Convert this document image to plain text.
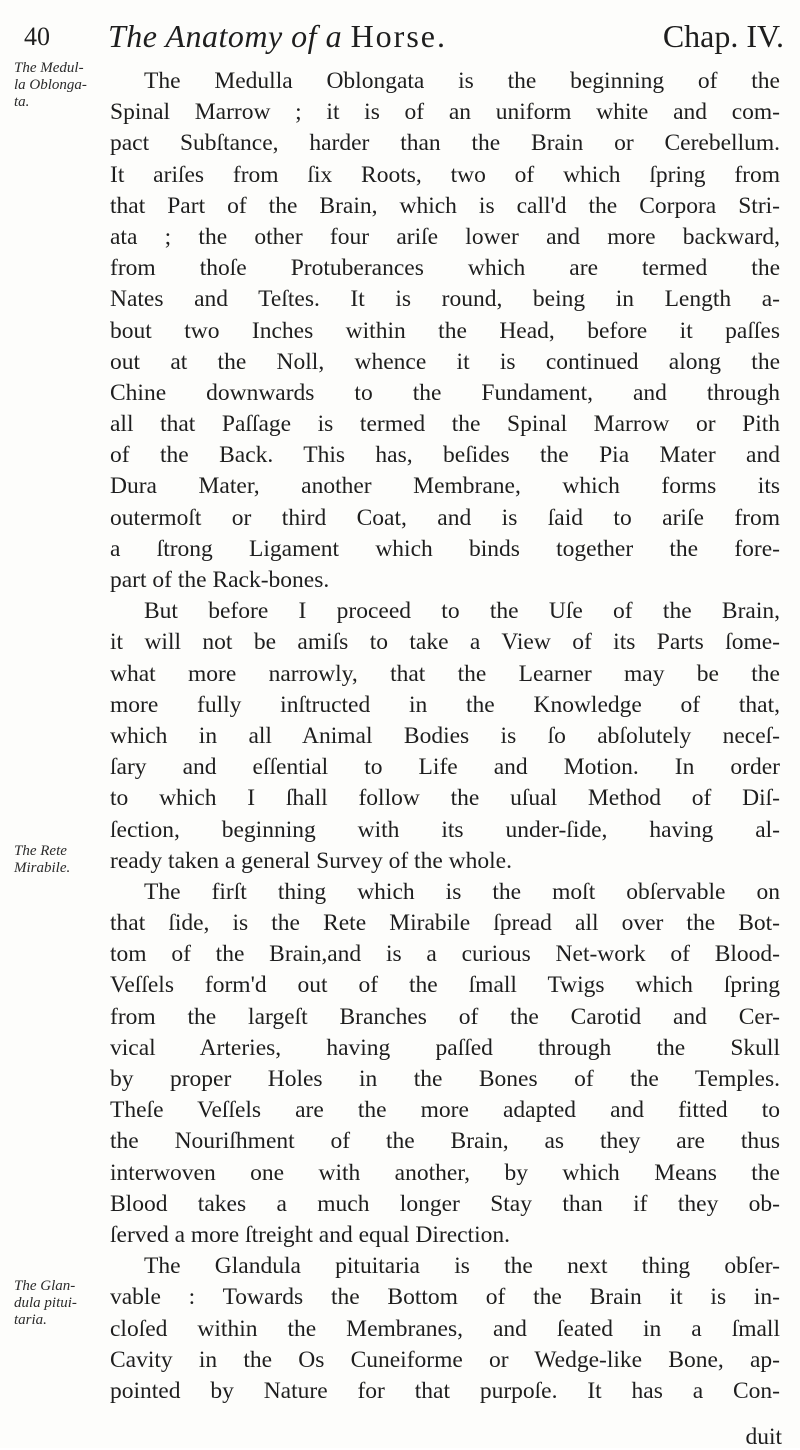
40 The Anatomy of a Horse.	Chap. IV.
The Medul-la Oblonga-ta.
The Rete Mirabile.
The Glan-dula pitui-taria.
The Medulla Oblongata is the beginning of the
Spinal Marrow ; it is of an uniform white and com-
pact Subſtance, harder than the Brain or Cerebellum.
It ariſes from ſix Roots, two of which ſpring from
that Part of the Brain, which is call'd the Corpora Stri-
ata ; the other four ariſe lower and more backward,
from thoſe Protuberances which are termed the
Nates and Teſtes. It is round, being in Length a-
bout two Inches within the Head, before it paſſes
out at the Noll, whence it is continued along the
Chine downwards to the Fundament, and through
all that Paſſage is termed the Spinal Marrow or Pith
of the Back. This has, beſides the Pia Mater and
Dura Mater, another Membrane, which forms its
outermoſt or third Coat, and is ſaid to ariſe from
a ſtrong Ligament which binds together the fore-
part of the Rack-bones.
But before I proceed to the Uſe of the Brain,
it will not be amiſs to take a View of its Parts ſome-
what more narrowly, that the Learner may be the
more fully inſtructed in the Knowledge of that,
which in all Animal Bodies is ſo abſolutely neceſ-
ſary and eſſential to Life and Motion. In order
to which I ſhall follow the uſual Method of Diſ-
ſection, beginning with its under-ſide, having al-
ready taken a general Survey of the whole.
The firſt thing which is the moſt obſervable on
that ſide, is the Rete Mirabile ſpread all over the Bot-
tom of the Brain,and is a curious Net-work of Blood-
Veſſels form'd out of the ſmall Twigs which ſpring
from the largeſt Branches of the Carotid and Cer-
vical Arteries, having paſſed through the Skull
by proper Holes in the Bones of the Temples.
Theſe Veſſels are the more adapted and fitted to
the Nouriſhment of the Brain, as they are thus
interwoven one with another, by which Means the
Blood takes a much longer Stay than if they ob-
ſerved a more ſtreight and equal Direction.
The Glandula pituitaria is the next thing obſer-
vable : Towards the Bottom of the Brain it is in-
cloſed within the Membranes, and ſeated in a ſmall
Cavity in the Os Cuneiforme or Wedge-like Bone, ap-
pointed by Nature for that purpoſe. It has a Con-
duit
